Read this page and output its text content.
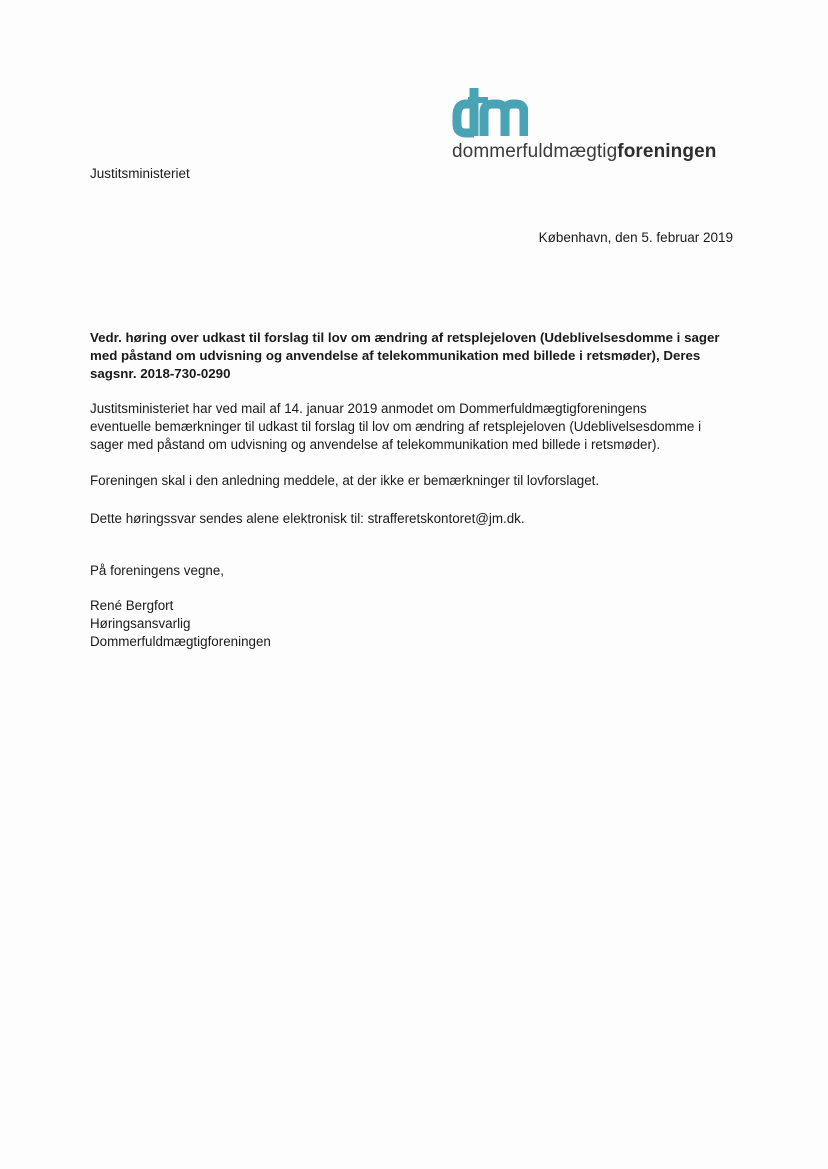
dommerfuldmægtigforeningen
Justitsministeriet
København, den 5. februar 2019
Vedr. høring over udkast til forslag til lov om ændring af retsplejeloven (Udeblivelsesdomme i sager
med påstand om udvisning og anvendelse af telekommunikation med billede i retsmøder), Deres
sagsnr. 2018-730-0290
Justitsministeriet har ved mail af 14. januar 2019 anmodet om Dommerfuldmægtigforeningens
eventuelle bemærkninger til udkast til forslag til lov om ændring af retsplejeloven (Udeblivelsesdomme i
sager med påstand om udvisning og anvendelse af telekommunikation med billede i retsmøder).
Foreningen skal i den anledning meddele, at der ikke er bemærkninger til lovforslaget.
Dette høringssvar sendes alene elektronisk til: strafferetskontoret@jm.dk.
På foreningens vegne,
René Bergfort
Høringsansvarlig
Dommerfuldmægtigforeningen
